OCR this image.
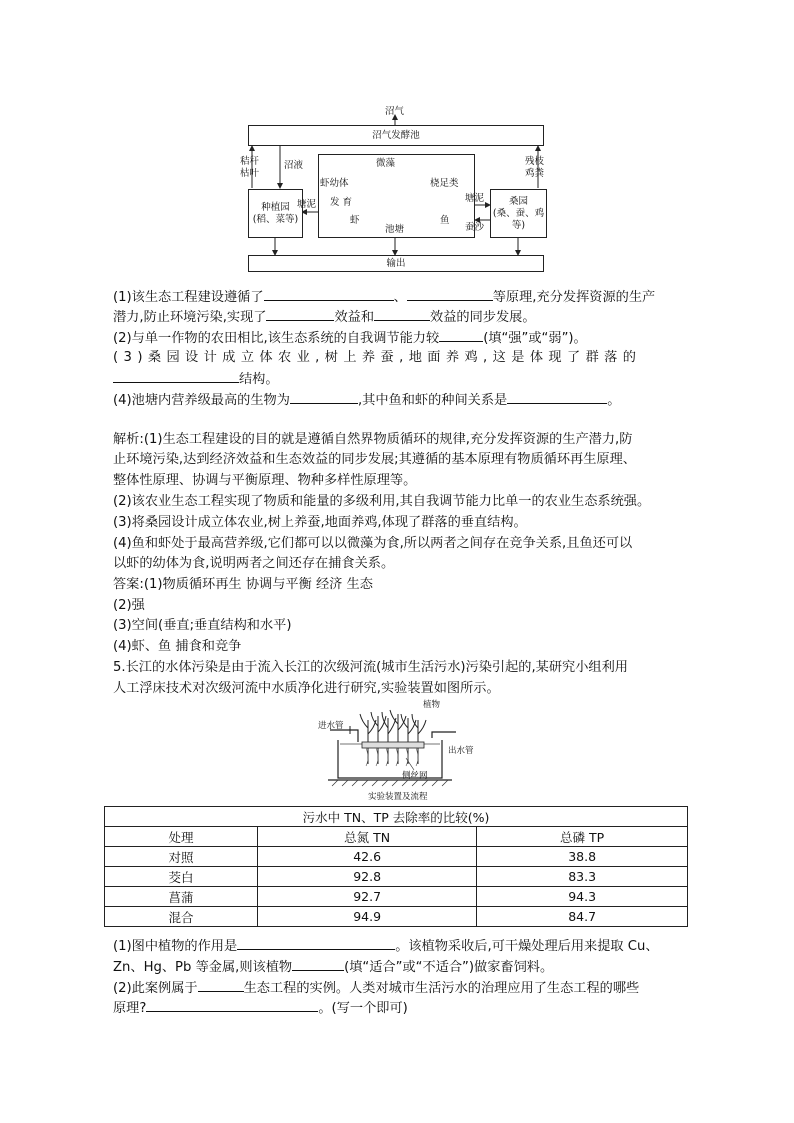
沼气
沼气发酵池
秸秆
枯叶
沼液
种植园
(稻、菜等)
塘泥
微藻
虾幼体	桡足类
发 育
虾	鱼
池塘
塘泥
蚕沙
残枝
鸡粪
桑园
(桑、蚕、鸡等)
输出
(1)该生态工程建设遵循了	、	等原理,充分发挥资源的生产
潜力,防止环境污染,实现了	效益和	效益的同步发展。
(2)与单一作物的农田相比,该生态系统的自我调节能力较	(填“强”或“弱”)。
(3)桑园设计成立体农业,树上养蚕,地面养鸡,这是体现了群落的
结构。
(4)池塘内营养级最高的生物为	,其中鱼和虾的种间关系是	。
解析:(1)生态工程建设的目的就是遵循自然界物质循环的规律,充分发挥资源的生产潜力,防
止环境污染,达到经济效益和生态效益的同步发展;其遵循的基本原理有物质循环再生原理、
整体性原理、协调与平衡原理、物种多样性原理等。
(2)该农业生态工程实现了物质和能量的多级利用,其自我调节能力比单一的农业生态系统强。
(3)将桑园设计成立体农业,树上养蚕,地面养鸡,体现了群落的垂直结构。
(4)鱼和虾处于最高营养级,它们都可以以微藻为食,所以两者之间存在竞争关系,且鱼还可以
以虾的幼体为食,说明两者之间还存在捕食关系。
答案:(1)物质循环再生 协调与平衡 经济 生态
(2)强
(3)空间(垂直;垂直结构和水平)
(4)虾、鱼 捕食和竞争
5.长江的水体污染是由于流入长江的次级河流(城市生活污水)污染引起的,某研究小组利用
人工浮床技术对次级河流中水质净化进行研究,实验装置如图所示。
植物
进水管
出水管
侧丝网
实验装置及流程
污水中 TN、TP 去除率的比较(%)		
处理	总氮 TN	总磷 TP
对照	42.6	38.8
茭白	92.8	83.3
菖蒲	92.7	94.3
混合	94.9	84.7
(1)图中植物的作用是	。该植物采收后,可干燥处理后用来提取 Cu、
Zn、Hg、Pb 等金属,则该植物	(填“适合”或“不适合”)做家畜饲料。
(2)此案例属于	生态工程的实例。人类对城市生活污水的治理应用了生态工程的哪些
原理?	。(写一个即可)
